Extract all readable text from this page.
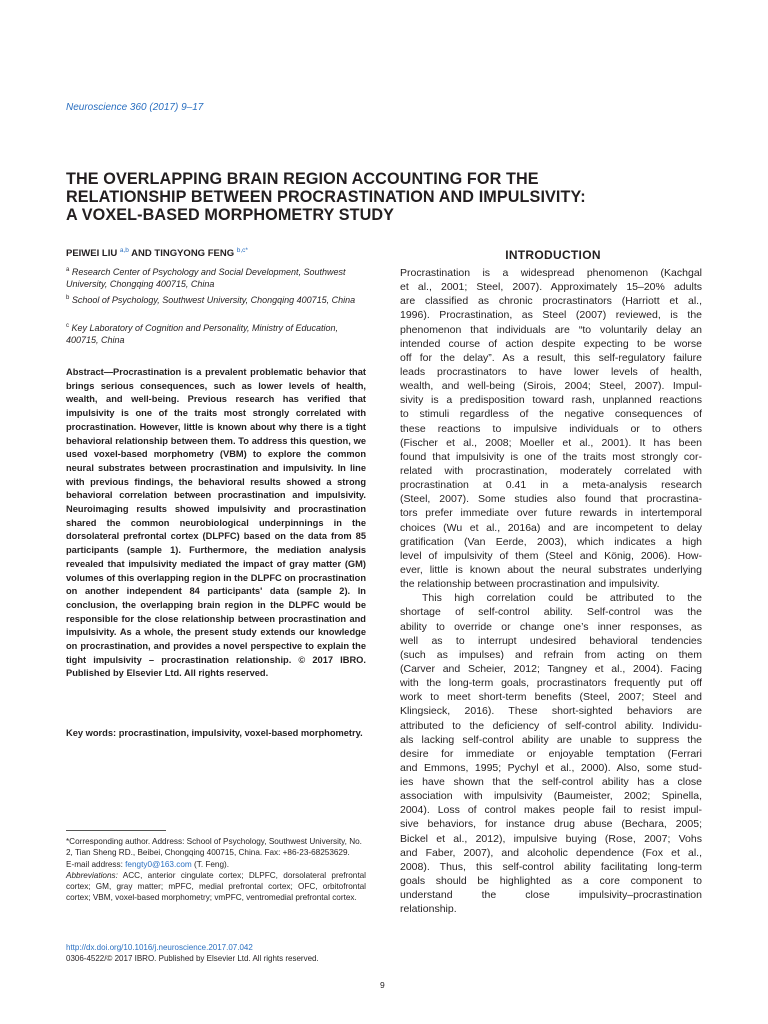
Neuroscience 360 (2017) 9–17
THE OVERLAPPING BRAIN REGION ACCOUNTING FOR THE
RELATIONSHIP BETWEEN PROCRASTINATION AND IMPULSIVITY:
A VOXEL-BASED MORPHOMETRY STUDY
PEIWEI LIU $^{a,b}$ AND TINGYONG FENG $^{b,c*}$
$^a$ Research Center of Psychology and Social Development, Southwest University, Chongqing 400715, China
$^b$ School of Psychology, Southwest University, Chongqing 400715, China
$^c$ Key Laboratory of Cognition and Personality, Ministry of Education, 400715, China
Abstract—Procrastination is a prevalent problematic behavior that brings serious consequences, such as lower levels of health, wealth, and well-being. Previous research has verified that impulsivity is one of the traits most strongly correlated with procrastination. However, little is known about why there is a tight behavioral relationship between them. To address this question, we used voxel-based morphometry (VBM) to explore the common neural substrates between procrastination and impulsivity. In line with previous findings, the behavioral results showed a strong behavioral correlation between procrastination and impulsivity. Neuroimaging results showed impulsivity and procrastination shared the common neurobiological underpinnings in the dorsolateral prefrontal cortex (DLPFC) based on the data from 85 participants (sample 1). Furthermore, the mediation analysis revealed that impulsivity mediated the impact of gray matter (GM) volumes of this overlapping region in the DLPFC on procrastination on another independent 84 participants' data (sample 2). In conclusion, the overlapping brain region in the DLPFC would be responsible for the close relationship between procrastination and impulsivity. As a whole, the present study extends our knowledge on procrastination, and provides a novel perspective to explain the tight impulsivity – procrastination relationship. © 2017 IBRO. Published by Elsevier Ltd. All rights reserved.
Key words: procrastination, impulsivity, voxel-based morphometry.

*Corresponding author. Address: School of Psychology, Southwest University, No. 2, Tian Sheng RD., Beibei, Chongqing 400715, China. Fax: +86-23-68253629.

E-mail address: fengty0@163.com (T. Feng).

Abbreviations: ACC, anterior cingulate cortex; DLPFC, dorsolateral prefrontal cortex; GM, gray matter; mPFC, medial prefrontal cortex; OFC, orbitofrontal cortex; VBM, voxel-based morphometry; vmPFC, ventromedial prefrontal cortex.

http://dx.doi.org/10.1016/j.neuroscience.2017.07.042
0306-4522/© 2017 IBRO. Published by Elsevier Ltd. All rights reserved.
9
INTRODUCTION
Procrastination is a widespread phenomenon (Kachgal
et al., 2001; Steel, 2007). Approximately 15–20% adults
are classified as chronic procrastinators (Harriott et al.,
1996). Procrastination, as Steel (2007) reviewed, is the
phenomenon that individuals are “to voluntarily delay an
intended course of action despite expecting to be worse
off for the delay”. As a result, this self-regulatory failure
leads procrastinators to have lower levels of health,
wealth, and well-being (Sirois, 2004; Steel, 2007). Impul-
sivity is a predisposition toward rash, unplanned reactions
to stimuli regardless of the negative consequences of
these reactions to impulsive individuals or to others
(Fischer et al., 2008; Moeller et al., 2001). It has been
found that impulsivity is one of the traits most strongly cor-
related with procrastination, moderately correlated with
procrastination at 0.41 in a meta-analysis research
(Steel, 2007). Some studies also found that procrastina-
tors prefer immediate over future rewards in intertemporal
choices (Wu et al., 2016a) and are incompetent to delay
gratification (Van Eerde, 2003), which indicates a high
level of impulsivity of them (Steel and König, 2006). How-
ever, little is known about the neural substrates underlying
the relationship between procrastination and impulsivity.
This high correlation could be attributed to the
shortage of self-control ability. Self-control was the
ability to override or change one’s inner responses, as
well as to interrupt undesired behavioral tendencies
(such as impulses) and refrain from acting on them
(Carver and Scheier, 2012; Tangney et al., 2004). Facing
with the long-term goals, procrastinators frequently put off
work to meet short-term benefits (Steel, 2007; Steel and
Klingsieck, 2016). These short-sighted behaviors are
attributed to the deficiency of self-control ability. Individu-
als lacking self-control ability are unable to suppress the
desire for immediate or enjoyable temptation (Ferrari
and Emmons, 1995; Pychyl et al., 2000). Also, some stud-
ies have shown that the self-control ability has a close
association with impulsivity (Baumeister, 2002; Spinella,
2004). Loss of control makes people fail to resist impul-
sive behaviors, for instance drug abuse (Bechara, 2005;
Bickel et al., 2012), impulsive buying (Rose, 2007; Vohs
and Faber, 2007), and alcoholic dependence (Fox et al.,
2008). Thus, this self-control ability facilitating long-term
goals should be highlighted as a core component to
understand the close impulsivity–procrastination
relationship.
